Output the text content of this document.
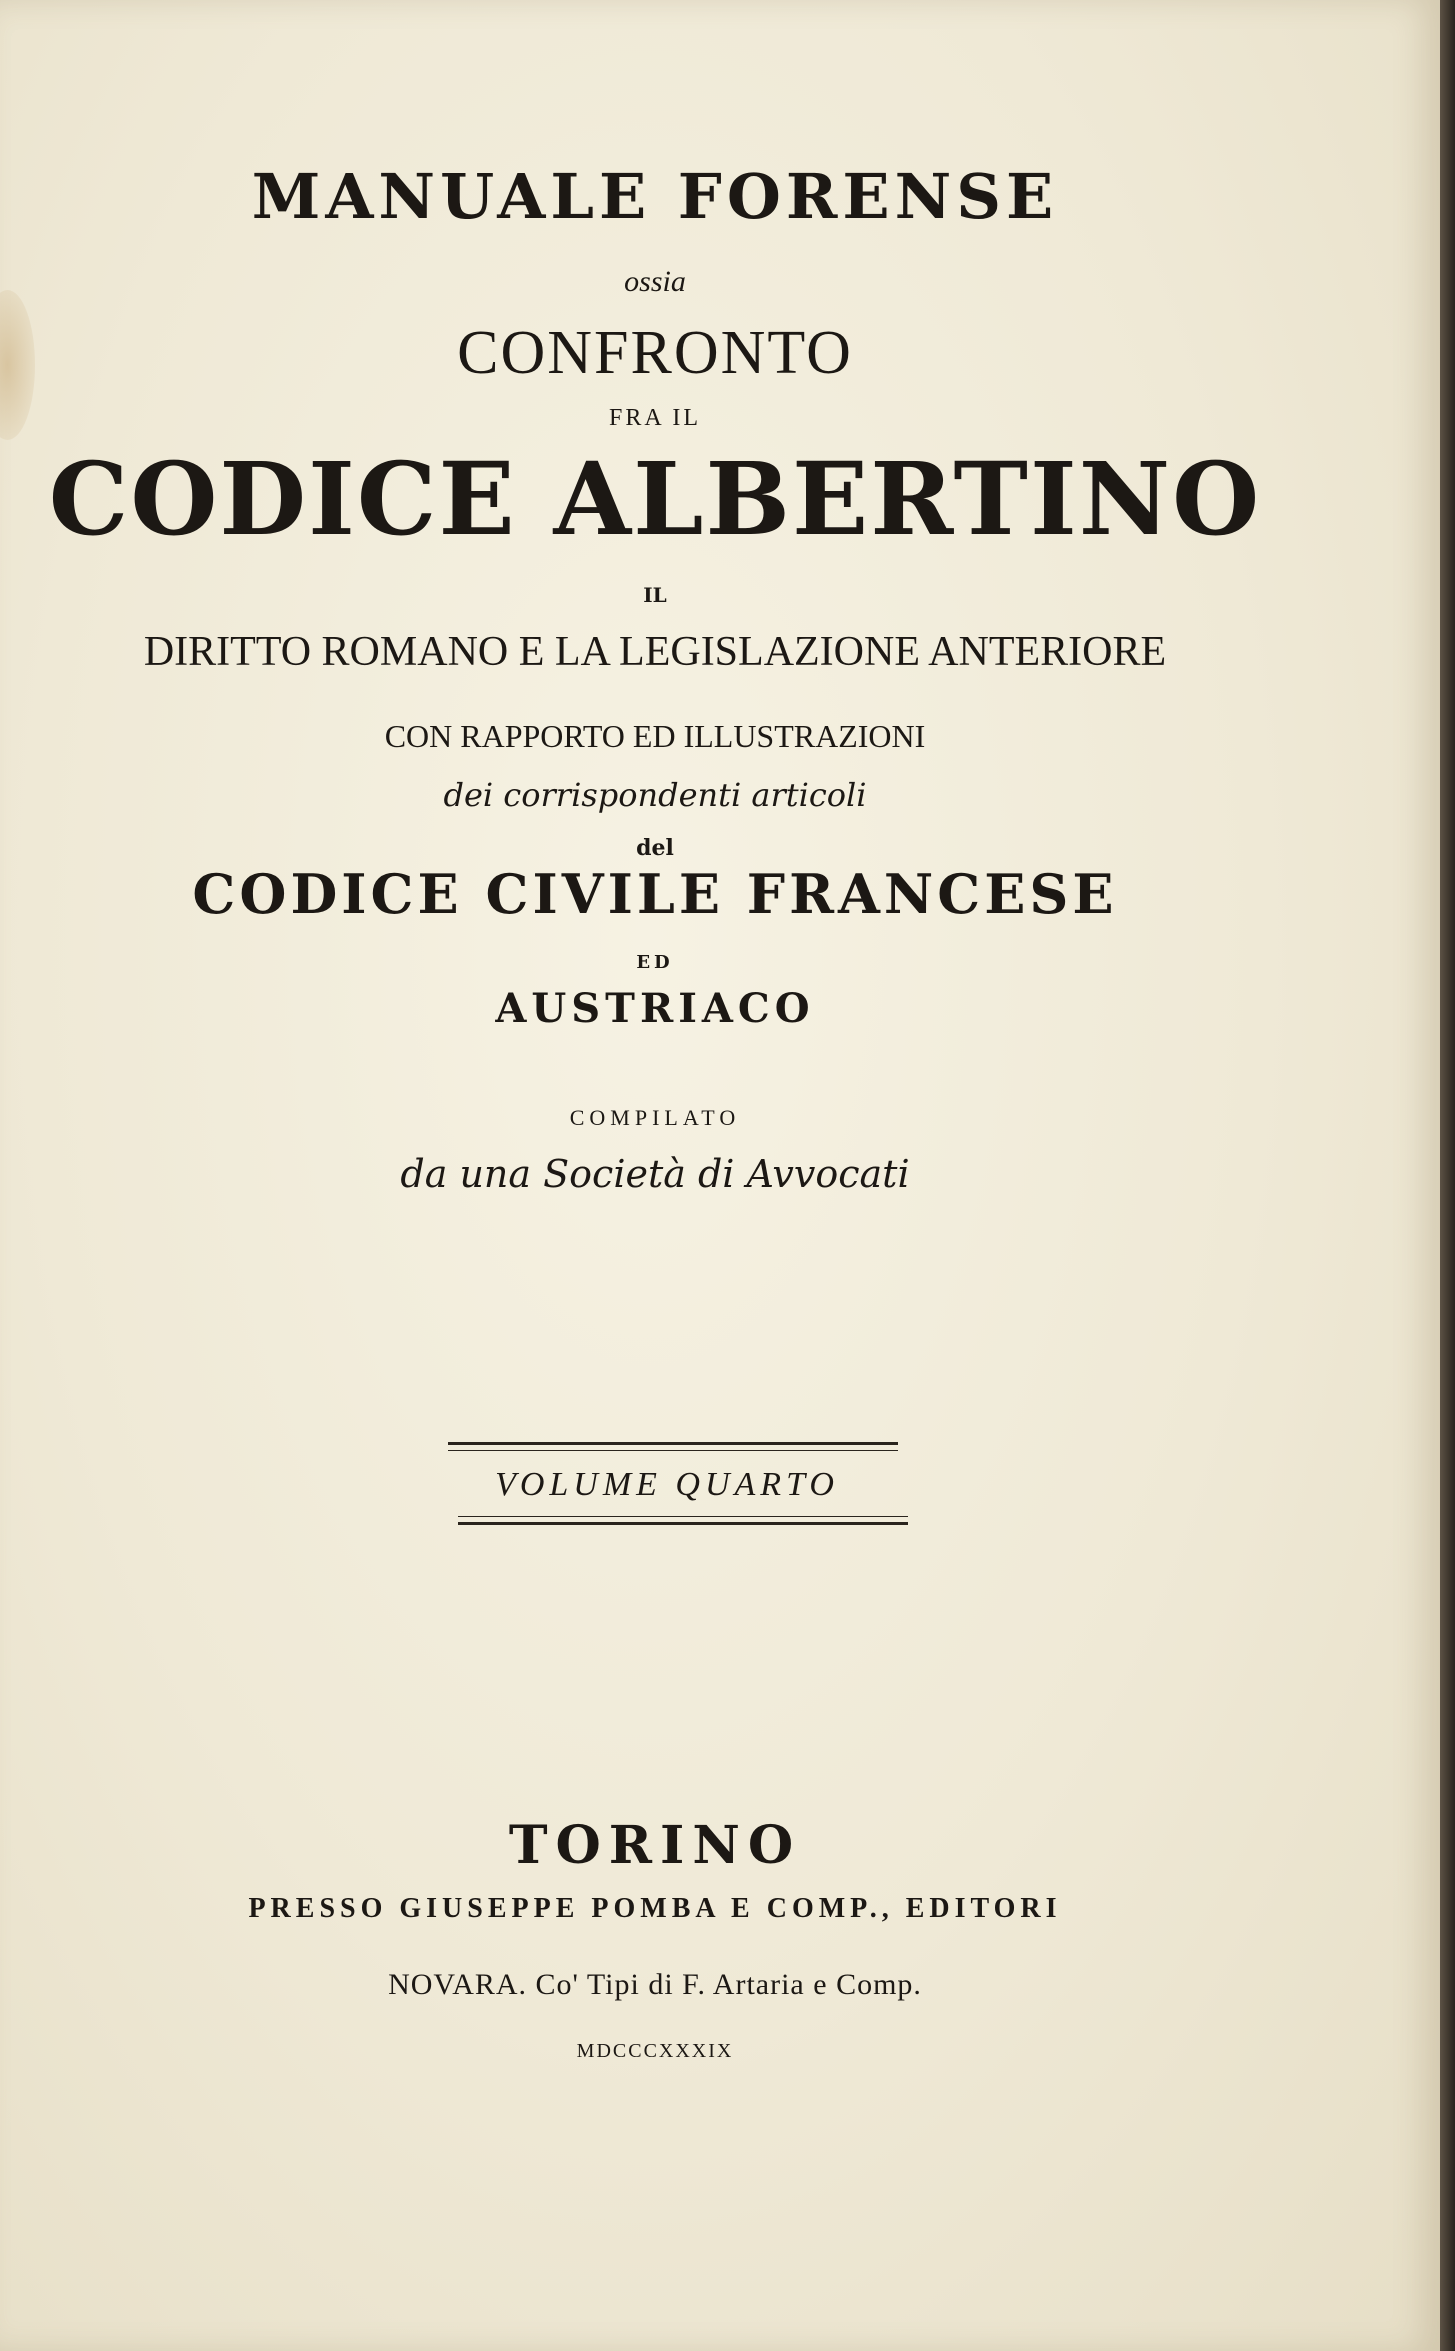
MANUALE FORENSE
ossia
CONFRONTO
FRA IL
CODICE ALBERTINO
IL
DIRITTO ROMANO E LA LEGISLAZIONE ANTERIORE
CON RAPPORTO ED ILLUSTRAZIONI
dei corrispondenti articoli
del
CODICE CIVILE FRANCESE
ED
AUSTRIACO
COMPILATO
da una Società di Avvocati
VOLUME QUARTO
TORINO
PRESSO GIUSEPPE POMBA E COMP., EDITORI
NOVARA. Co' Tipi di F. Artaria e Comp.
MDCCCXXXIX
